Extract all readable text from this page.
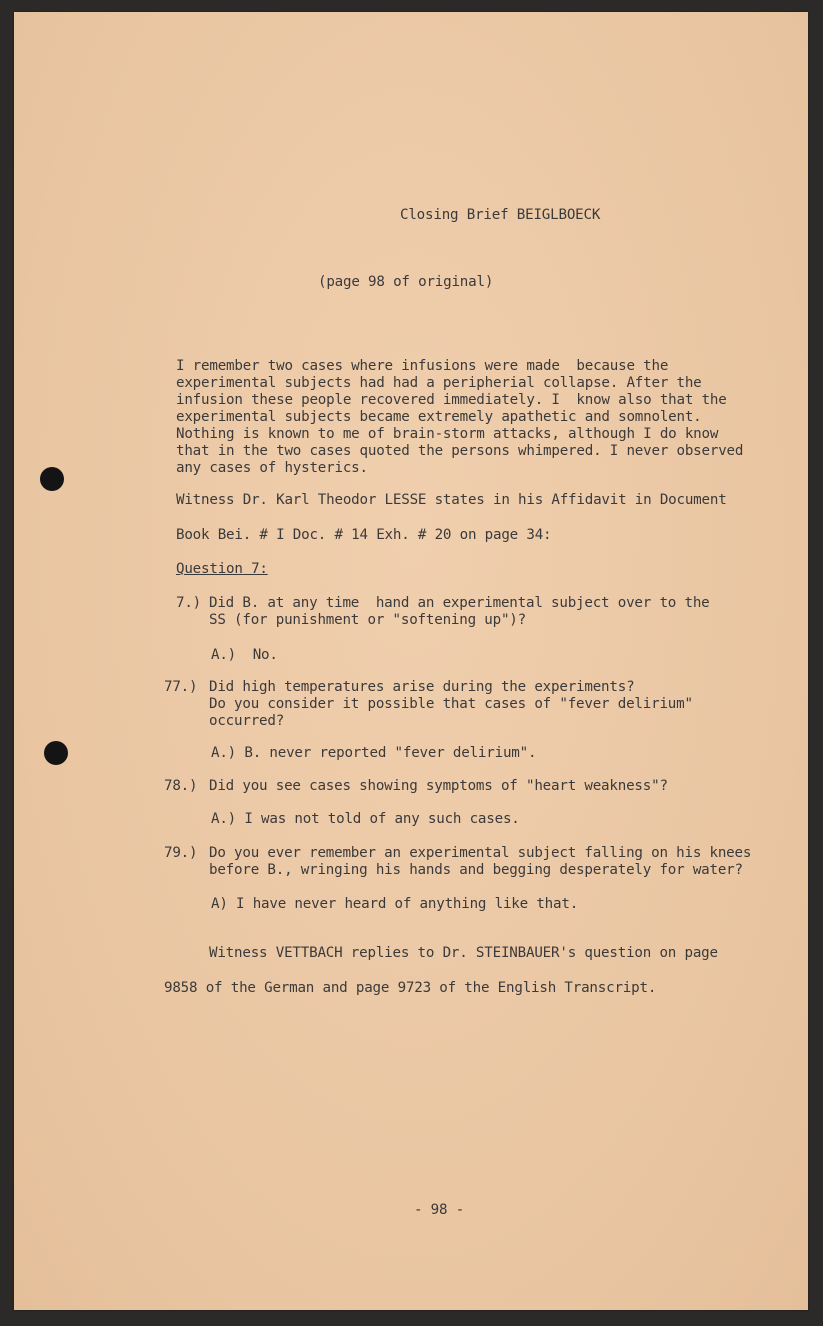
Closing Brief BEIGLBOECK
(page 98 of original)
I remember two cases where infusions were made  because the
experimental subjects had had a peripherial collapse. After the
infusion these people recovered immediately. I  know also that the
experimental subjects became extremely apathetic and somnolent.
Nothing is known to me of brain-storm attacks, although I do know
that in the two cases quoted the persons whimpered. I never observed
any cases of hysterics.
Witness Dr. Karl Theodor LESSE states in his Affidavit in Document
Book Bei. # I Doc. # 14 Exh. # 20 on page 34:
Question 7:
7.) Did B. at any time  hand an experimental subject over to the
SS (for punishment or "softening up")?
A.)  No.
77.) Did high temperatures arise during the experiments?
Do you consider it possible that cases of "fever delirium"
occurred?
A.) B. never reported "fever delirium".
78.) Did you see cases showing symptoms of "heart weakness"?
A.) I was not told of any such cases.
79.) Do you ever remember an experimental subject falling on his knees
before B., wringing his hands and begging desperately for water?
A) I have never heard of anything like that.
Witness VETTBACH replies to Dr. STEINBAUER's question on page
9858 of the German and page 9723 of the English Transcript.
- 98 -
